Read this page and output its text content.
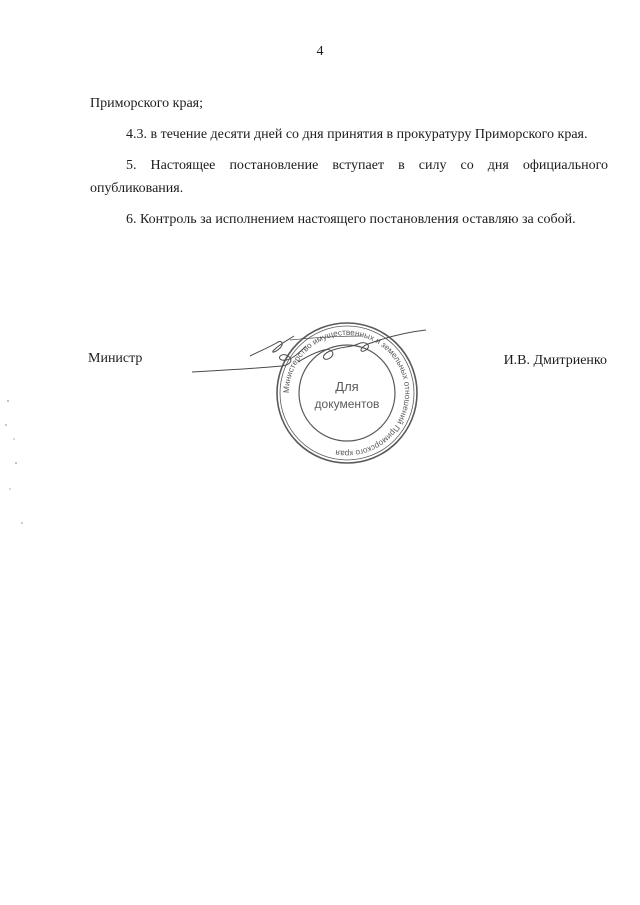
4

Приморского края;

4.3. в течение десяти дней со дня принятия в прокуратуру Приморского края.

5. Настоящее постановление вступает в силу со дня официального опубликования.

6. Контроль за исполнением настоящего постановления оставляю за собой.

Министр	И.В. Дмитриенко
Министерство имущественных и земельных отношений Приморского края
Для
документов
